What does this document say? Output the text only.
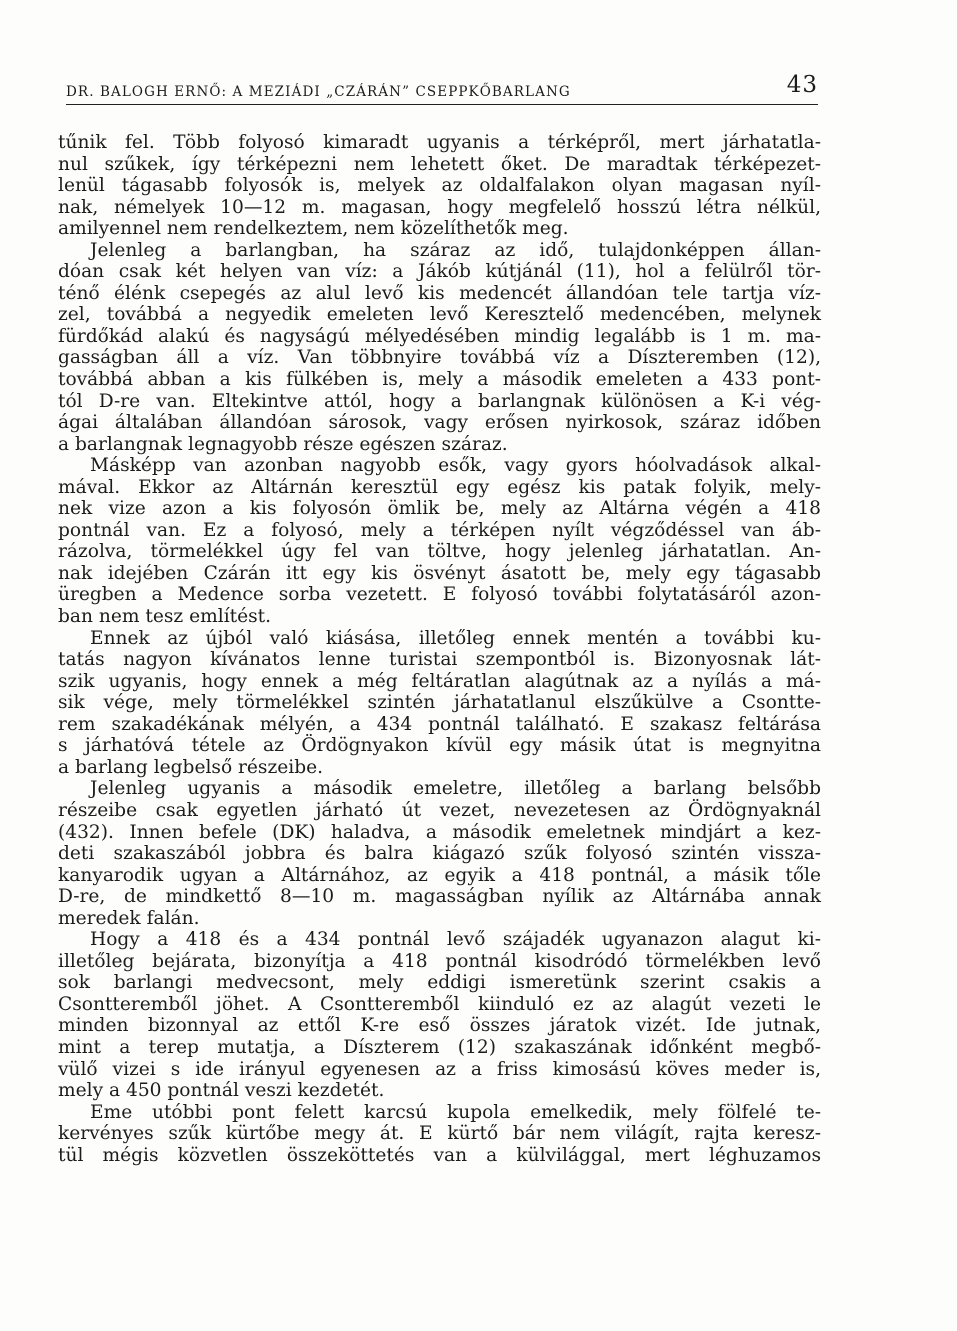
DR. BALOGH ERNŐ: A MEZIÁDI „CZÁRÁN” CSEPPKŐBARLANG	43
tűnik fel. Több folyosó kimaradt ugyanis a térképről, mert járhatatla-
nul szűkek, így térképezni nem lehetett őket. De maradtak térképezet-
lenül tágasabb folyosók is, melyek az oldalfalakon olyan magasan nyíl-
nak, némelyek 10—12 m. magasan, hogy megfelelő hosszú létra nélkül,
amilyennel nem rendelkeztem, nem közelíthetők meg.
Jelenleg a barlangban, ha száraz az idő, tulajdonképpen állan-
dóan csak két helyen van víz: a Jákób kútjánál (11), hol a felülről tör-
ténő élénk csepegés az alul levő kis medencét állandóan tele tartja víz-
zel, továbbá a negyedik emeleten levő Keresztelő medencében, melynek
fürdőkád alakú és nagyságú mélyedésében mindig legalább is 1 m. ma-
gasságban áll a víz. Van többnyire továbbá víz a Díszteremben (12),
továbbá abban a kis fülkében is, mely a második emeleten a 433 pont-
tól D-re van. Eltekintve attól, hogy a barlangnak különösen a K-i vég-
ágai általában állandóan sárosok, vagy erősen nyirkosok, száraz időben
a barlangnak legnagyobb része egészen száraz.
Másképp van azonban nagyobb esők, vagy gyors hóolvadások alkal-
mával. Ekkor az Altárnán keresztül egy egész kis patak folyik, mely-
nek vize azon a kis folyosón ömlik be, mely az Altárna végén a 418
pontnál van. Ez a folyosó, mely a térképen nyílt végződéssel van áb-
rázolva, törmelékkel úgy fel van töltve, hogy jelenleg járhatatlan. An-
nak idejében Czárán itt egy kis ösvényt ásatott be, mely egy tágasabb
üregben a Medence sorba vezetett. E folyosó további folytatásáról azon-
ban nem tesz említést.
Ennek az újból való kiásása, illetőleg ennek mentén a további ku-
tatás nagyon kívánatos lenne turistai szempontból is. Bizonyosnak lát-
szik ugyanis, hogy ennek a még feltáratlan alagútnak az a nyílás a má-
sik vége, mely törmelékkel szintén járhatatlanul elszűkülve a Csontte-
rem szakadékának mélyén, a 434 pontnál található. E szakasz feltárása
s járhatóvá tétele az Ördögnyakon kívül egy másik útat is megnyitna
a barlang legbelső részeibe.
Jelenleg ugyanis a második emeletre, illetőleg a barlang belsőbb
részeibe csak egyetlen járható út vezet, nevezetesen az Ördögnyaknál
(432). Innen befele (DK) haladva, a második emeletnek mindjárt a kez-
deti szakaszából jobbra és balra kiágazó szűk folyosó szintén vissza-
kanyarodik ugyan a Altárnához, az egyik a 418 pontnál, a másik tőle
D-re, de mindkettő 8—10 m. magasságban nyílik az Altárnába annak
meredek falán.
Hogy a 418 és a 434 pontnál levő szájadék ugyanazon alagut ki-
illetőleg bejárata, bizonyítja a 418 pontnál kisodródó törmelékben levő
sok barlangi medvecsont, mely eddigi ismeretünk szerint csakis a
Csontteremből jöhet. A Csontteremből kiinduló ez az alagút vezeti le
minden bizonnyal az ettől K-re eső összes járatok vizét. Ide jutnak,
mint a terep mutatja, a Díszterem (12) szakaszának időnként megbő-
vülő vizei s ide irányul egyenesen az a friss kimosású köves meder is,
mely a 450 pontnál veszi kezdetét.
Eme utóbbi pont felett karcsú kupola emelkedik, mely fölfelé te-
kervényes szűk kürtőbe megy át. E kürtő bár nem világít, rajta keresz-
tül mégis közvetlen összeköttetés van a külvilággal, mert léghuzamos
